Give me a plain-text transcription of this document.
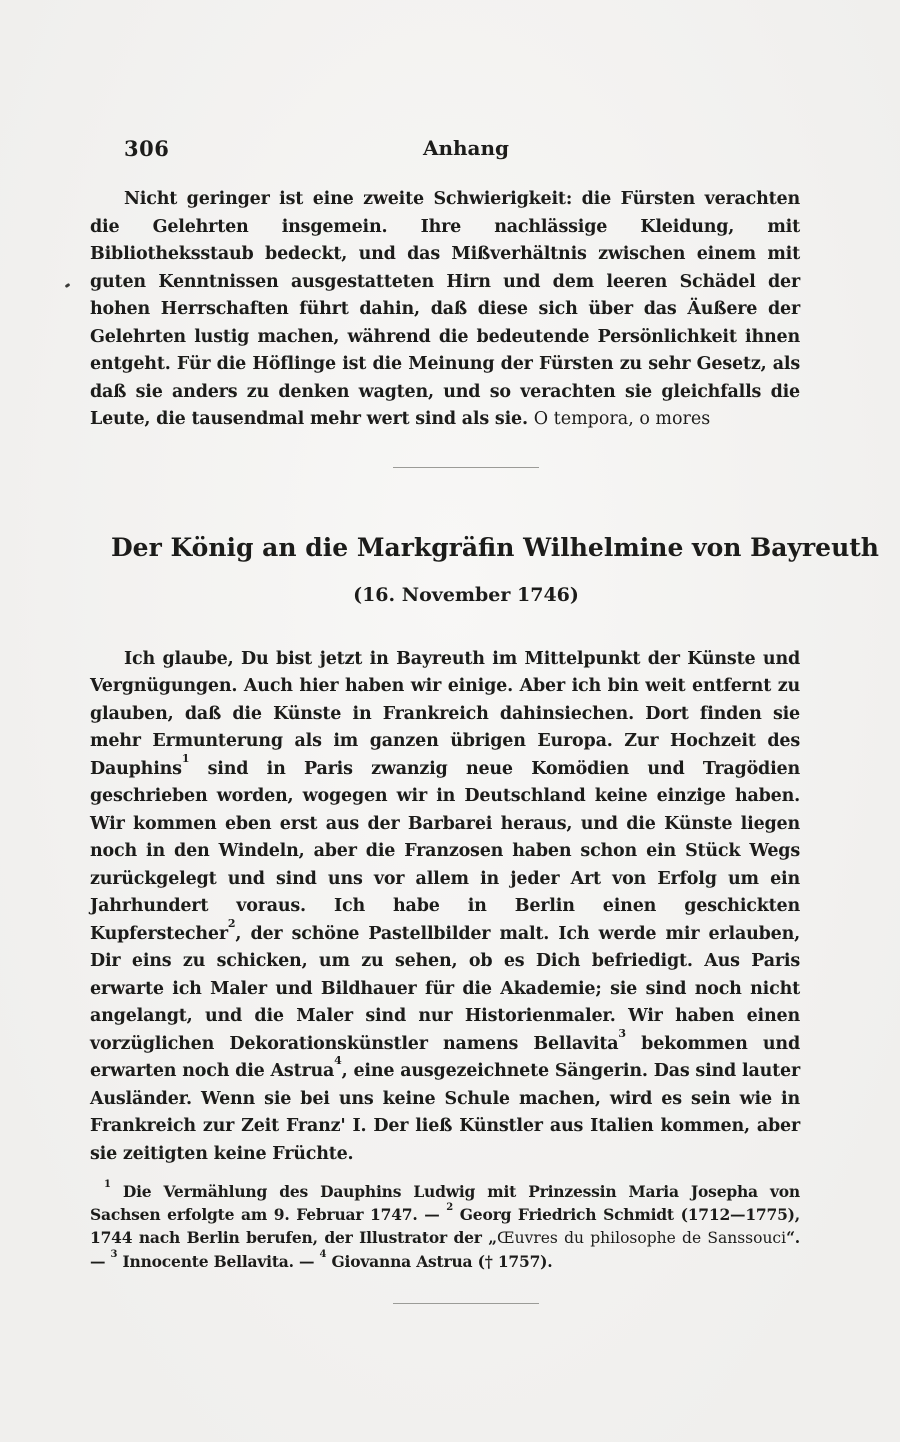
306	Anhang

Nicht geringer ist eine zweite Schwierigkeit: die Fürsten verachten die Gelehrten insgemein. Ihre nachlässige Kleidung, mit Bibliotheksstaub bedeckt, und das Mißverhältnis zwischen einem mit guten Kenntnissen ausgestatteten Hirn und dem leeren Schädel der hohen Herrschaften führt dahin, daß diese sich über das Äußere der Gelehrten lustig machen, während die bedeutende Persönlichkeit ihnen entgeht. Für die Höflinge ist die Meinung der Fürsten zu sehr Gesetz, als daß sie anders zu denken wagten, und so verachten sie gleichfalls die Leute, die tausendmal mehr wert sind als sie. O tempora, o mores

Der König an die Markgräfin Wilhelmine von Bayreuth
(16. November 1746)

Ich glaube, Du bist jetzt in Bayreuth im Mittelpunkt der Künste und Vergnügungen. Auch hier haben wir einige. Aber ich bin weit entfernt zu glauben, daß die Künste in Frankreich dahinsiechen. Dort finden sie mehr Ermunterung als im ganzen übrigen Europa. Zur Hochzeit des Dauphins$^1$ sind in Paris zwanzig neue Komödien und Tragödien geschrieben worden, wogegen wir in Deutschland keine einzige haben. Wir kommen eben erst aus der Barbarei heraus, und die Künste liegen noch in den Windeln, aber die Franzosen haben schon ein Stück Wegs zurückgelegt und sind uns vor allem in jeder Art von Erfolg um ein Jahrhundert voraus. Ich habe in Berlin einen geschickten Kupferstecher$^2$, der schöne Pastellbilder malt. Ich werde mir erlauben, Dir eins zu schicken, um zu sehen, ob es Dich befriedigt. Aus Paris erwarte ich Maler und Bildhauer für die Akademie; sie sind noch nicht angelangt, und die Maler sind nur Historienmaler. Wir haben einen vorzüglichen Dekorationskünstler namens Bellavita$^3$ bekommen und erwarten noch die Astrua$^4$, eine ausgezeichnete Sängerin. Das sind lauter Ausländer. Wenn sie bei uns keine Schule machen, wird es sein wie in Frankreich zur Zeit Franz' I. Der ließ Künstler aus Italien kommen, aber sie zeitigten keine Früchte.

$^1$ Die Vermählung des Dauphins Ludwig mit Prinzessin Maria Josepha von Sachsen erfolgte am 9. Februar 1747. — $^2$ Georg Friedrich Schmidt (1712—1775), 1744 nach Berlin berufen, der Illustrator der „Œuvres du philosophe de Sanssouci“. — $^3$ Innocente Bellavita. — $^4$ Giovanna Astrua († 1757).
